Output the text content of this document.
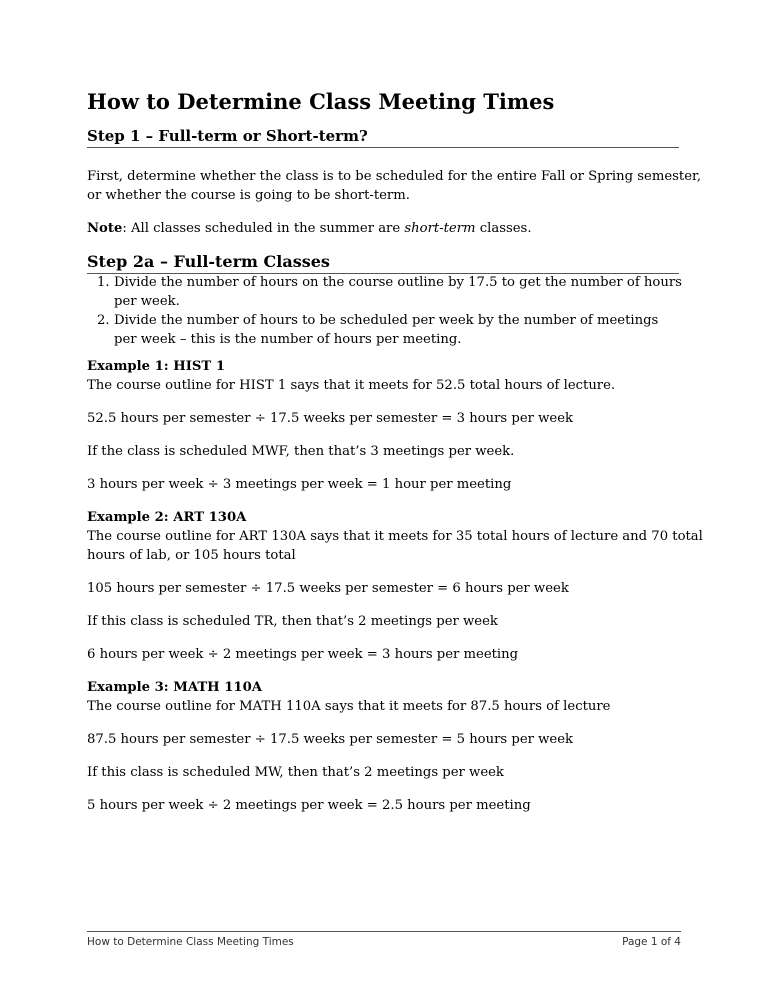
How to Determine Class Meeting Times
Step 1 – Full-term or Short-term?

First, determine whether the class is to be scheduled for the entire Fall or Spring semester,

or whether the course is going to be short-term.

Note: All classes scheduled in the summer are short-term classes.

Step 2a – Full-term Classes
1. Divide the number of hours on the course outline by 17.5 to get the number of hours
per week.
2. Divide the number of hours to be scheduled per week by the number of meetings
per week – this is the number of hours per meeting.

Example 1: HIST 1

The course outline for HIST 1 says that it meets for 52.5 total hours of lecture.

52.5 hours per semester ÷ 17.5 weeks per semester = 3 hours per week

If the class is scheduled MWF, then that’s 3 meetings per week.

3 hours per week ÷ 3 meetings per week = 1 hour per meeting

Example 2: ART 130A

The course outline for ART 130A says that it meets for 35 total hours of lecture and 70 total

hours of lab, or 105 hours total

105 hours per semester ÷ 17.5 weeks per semester = 6 hours per week

If this class is scheduled TR, then that’s 2 meetings per week

6 hours per week ÷ 2 meetings per week = 3 hours per meeting

Example 3: MATH 110A

The course outline for MATH 110A says that it meets for 87.5 hours of lecture

87.5 hours per semester ÷ 17.5 weeks per semester = 5 hours per week

If this class is scheduled MW, then that’s 2 meetings per week

5 hours per week ÷ 2 meetings per week = 2.5 hours per meeting

How to Determine Class Meeting Times	Page 1 of 4
